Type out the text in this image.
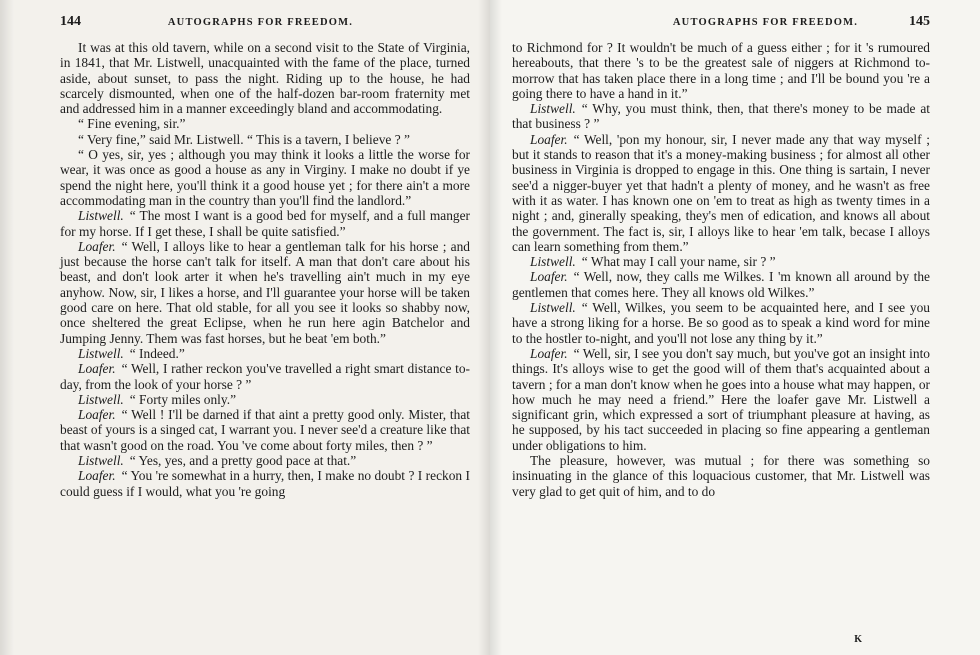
144	AUTOGRAPHS FOR FREEDOM.

It was at this old tavern, while on a second visit to the State of Virginia, in 1841, that Mr. Listwell, unacquainted with the fame of the place, turned aside, about sunset, to pass the night. Riding up to the house, he had scarcely dismounted, when one of the half-dozen bar-room fraternity met and addressed him in a manner exceedingly bland and accommodating.

“ Fine evening, sir.”

“ Very fine,” said Mr. Listwell. “ This is a tavern, I believe ? ”

“ O yes, sir, yes ; although you may think it looks a little the worse for wear, it was once as good a house as any in Virginy. I make no doubt if ye spend the night here, you'll think it a good house yet ; for there ain't a more accommodating man in the country than you'll find the landlord.”

Listwell. “ The most I want is a good bed for myself, and a full manger for my horse. If I get these, I shall be quite satisfied.”

Loafer. “ Well, I alloys like to hear a gentleman talk for his horse ; and just because the horse can't talk for itself. A man that don't care about his beast, and don't look arter it when he's travelling ain't much in my eye anyhow. Now, sir, I likes a horse, and I'll guarantee your horse will be taken good care on here. That old stable, for all you see it looks so shabby now, once sheltered the great Eclipse, when he run here agin Batchelor and Jumping Jenny. Them was fast horses, but he beat 'em both.”

Listwell. “ Indeed.”

Loafer. “ Well, I rather reckon you've travelled a right smart distance to-day, from the look of your horse ? ”

Listwell. “ Forty miles only.”

Loafer. “ Well ! I'll be darned if that aint a pretty good only. Mister, that beast of yours is a singed cat, I warrant you. I never see'd a creature like that that wasn't good on the road. You 've come about forty miles, then ? ”

Listwell. “ Yes, yes, and a pretty good pace at that.”

Loafer. “ You 're somewhat in a hurry, then, I make no doubt ? I reckon I could guess if I would, what you 're going

AUTOGRAPHS FOR FREEDOM.	145

to Richmond for ? It wouldn't be much of a guess either ; for it 's rumoured hereabouts, that there 's to be the greatest sale of niggers at Richmond to-morrow that has taken place there in a long time ; and I'll be bound you 're a going there to have a hand in it.”

Listwell. “ Why, you must think, then, that there's money to be made at that business ? ”

Loafer. “ Well, 'pon my honour, sir, I never made any that way myself ; but it stands to reason that it's a money-making business ; for almost all other business in Virginia is dropped to engage in this. One thing is sartain, I never see'd a nigger-buyer yet that hadn't a plenty of money, and he wasn't as free with it as water. I has known one on 'em to treat as high as twenty times in a night ; and, ginerally speaking, they's men of edication, and knows all about the government. The fact is, sir, I alloys like to hear 'em talk, becase I alloys can learn something from them.”

Listwell. “ What may I call your name, sir ? ”

Loafer. “ Well, now, they calls me Wilkes. I 'm known all around by the gentlemen that comes here. They all knows old Wilkes.”

Listwell. “ Well, Wilkes, you seem to be acquainted here, and I see you have a strong liking for a horse. Be so good as to speak a kind word for mine to the hostler to-night, and you'll not lose any thing by it.”

Loafer. “ Well, sir, I see you don't say much, but you've got an insight into things. It's alloys wise to get the good will of them that's acquainted about a tavern ; for a man don't know when he goes into a house what may happen, or how much he may need a friend.” Here the loafer gave Mr. Listwell a significant grin, which expressed a sort of triumphant pleasure at having, as he supposed, by his tact succeeded in placing so fine appearing a gentleman under obligations to him.

The pleasure, however, was mutual ; for there was something so insinuating in the glance of this loquacious customer, that Mr. Listwell was very glad to get quit of him, and to do

K
